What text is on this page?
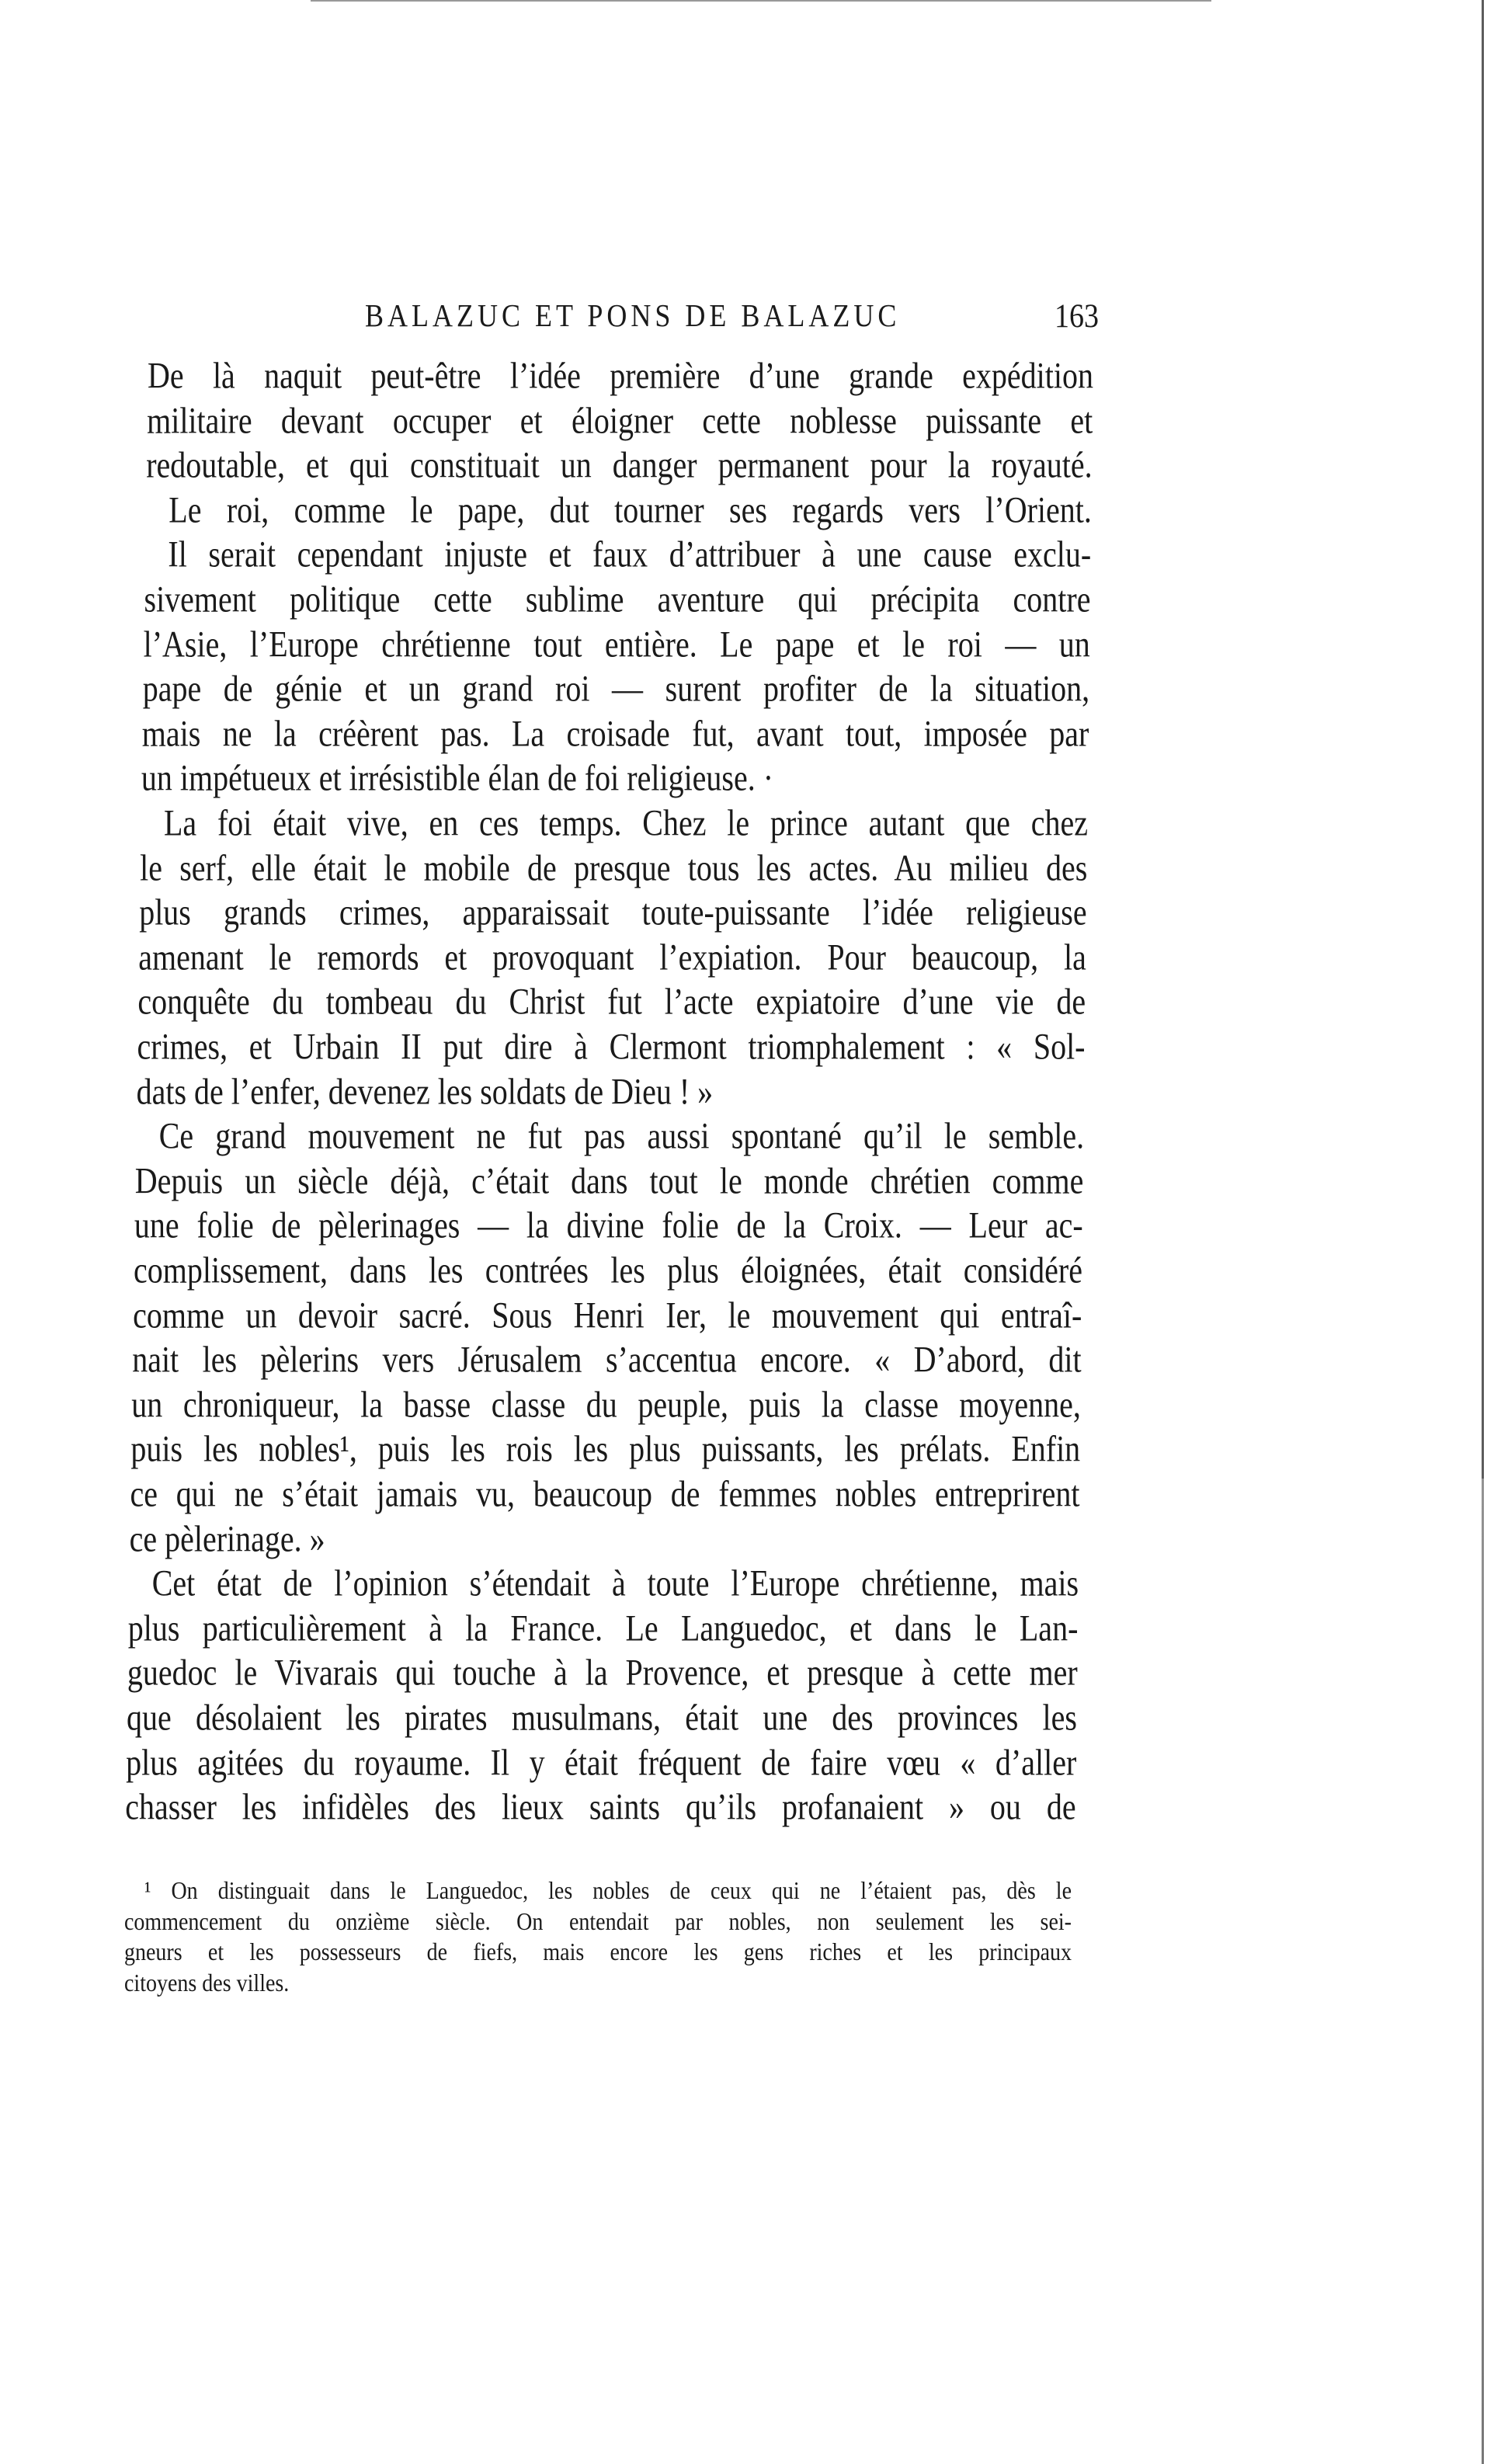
BALAZUC ET PONS DE BALAZUC	163
De là naquit peut-être l’idée première d’une grande expédition
militaire devant occuper et éloigner cette noblesse puissante et
redoutable, et qui constituait un danger permanent pour la royauté.
Le roi, comme le pape, dut tourner ses regards vers l’Orient.
Il serait cependant injuste et faux d’attribuer à une cause exclu-
sivement politique cette sublime aventure qui précipita contre
l’Asie, l’Europe chrétienne tout entière. Le pape et le roi — un
pape de génie et un grand roi — surent profiter de la situation,
mais ne la créèrent pas. La croisade fut, avant tout, imposée par
un impétueux et irrésistible élan de foi religieuse. ·
La foi était vive, en ces temps. Chez le prince autant que chez
le serf, elle était le mobile de presque tous les actes. Au milieu des
plus grands crimes, apparaissait toute-puissante l’idée religieuse
amenant le remords et provoquant l’expiation. Pour beaucoup, la
conquête du tombeau du Christ fut l’acte expiatoire d’une vie de
crimes, et Urbain II put dire à Clermont triomphalement : « Sol-
dats de l’enfer, devenez les soldats de Dieu ! »
Ce grand mouvement ne fut pas aussi spontané qu’il le semble.
Depuis un siècle déjà, c’était dans tout le monde chrétien comme
une folie de pèlerinages — la divine folie de la Croix. — Leur ac-
complissement, dans les contrées les plus éloignées, était considéré
comme un devoir sacré. Sous Henri Ier, le mouvement qui entraî-
nait les pèlerins vers Jérusalem s’accentua encore. « D’abord, dit
un chroniqueur, la basse classe du peuple, puis la classe moyenne,
puis les nobles¹, puis les rois les plus puissants, les prélats. Enfin
ce qui ne s’était jamais vu, beaucoup de femmes nobles entreprirent
ce pèlerinage. »
Cet état de l’opinion s’étendait à toute l’Europe chrétienne, mais
plus particulièrement à la France. Le Languedoc, et dans le Lan-
guedoc le Vivarais qui touche à la Provence, et presque à cette mer
que désolaient les pirates musulmans, était une des provinces les
plus agitées du royaume. Il y était fréquent de faire vœu « d’aller
chasser les infidèles des lieux saints qu’ils profanaient » ou de
¹ On distinguait dans le Languedoc, les nobles de ceux qui ne l’étaient pas, dès le
commencement du onzième siècle. On entendait par nobles, non seulement les sei-
gneurs et les possesseurs de fiefs, mais encore les gens riches et les principaux
citoyens des villes.
